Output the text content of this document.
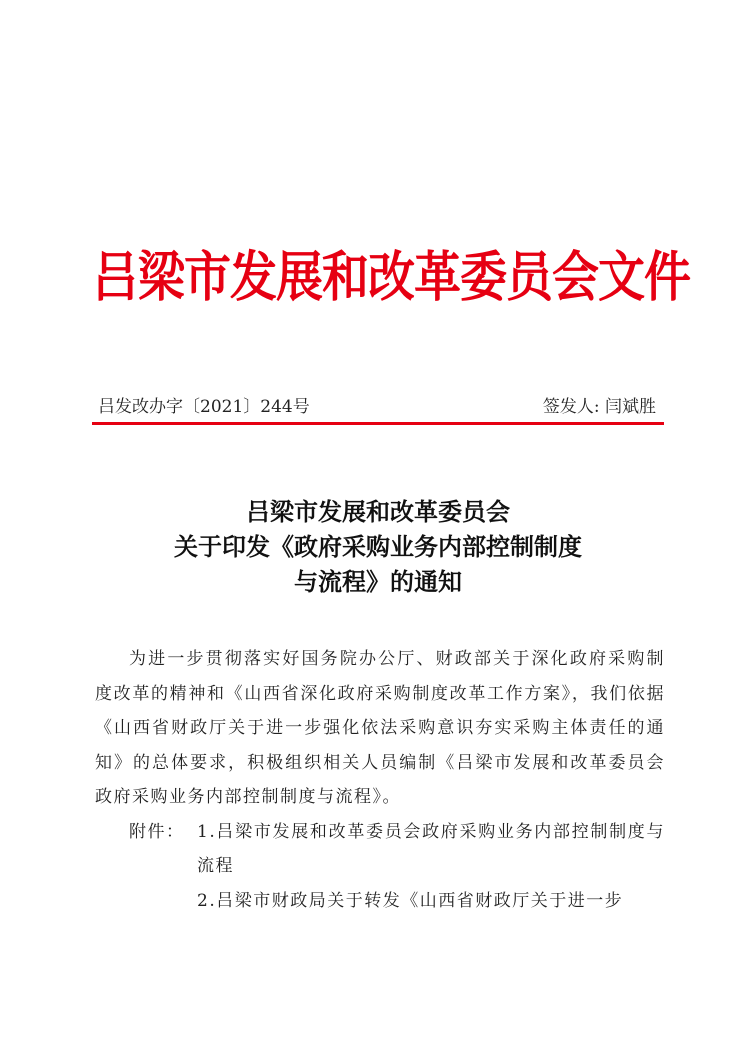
吕梁市发展和改革委员会文件
吕发改办字〔2021〕244号	签发人: 闫斌胜
吕梁市发展和改革委员会
关于印发《政府采购业务内部控制制度
与流程》的通知

为进一步贯彻落实好国务院办公厅、财政部关于深化政府采购制度改革的精神和《山西省深化政府采购制度改革工作方案》，我们依据《山西省财政厅关于进一步强化依法采购意识夯实采购主体责任的通知》的总体要求，积极组织相关人员编制《吕梁市发展和改革委员会政府采购业务内部控制制度与流程》。

附件： 1.吕梁市发展和改革委员会政府采购业务内部控制制度与流程
2.吕梁市财政局关于转发《山西省财政厅关于进一步
